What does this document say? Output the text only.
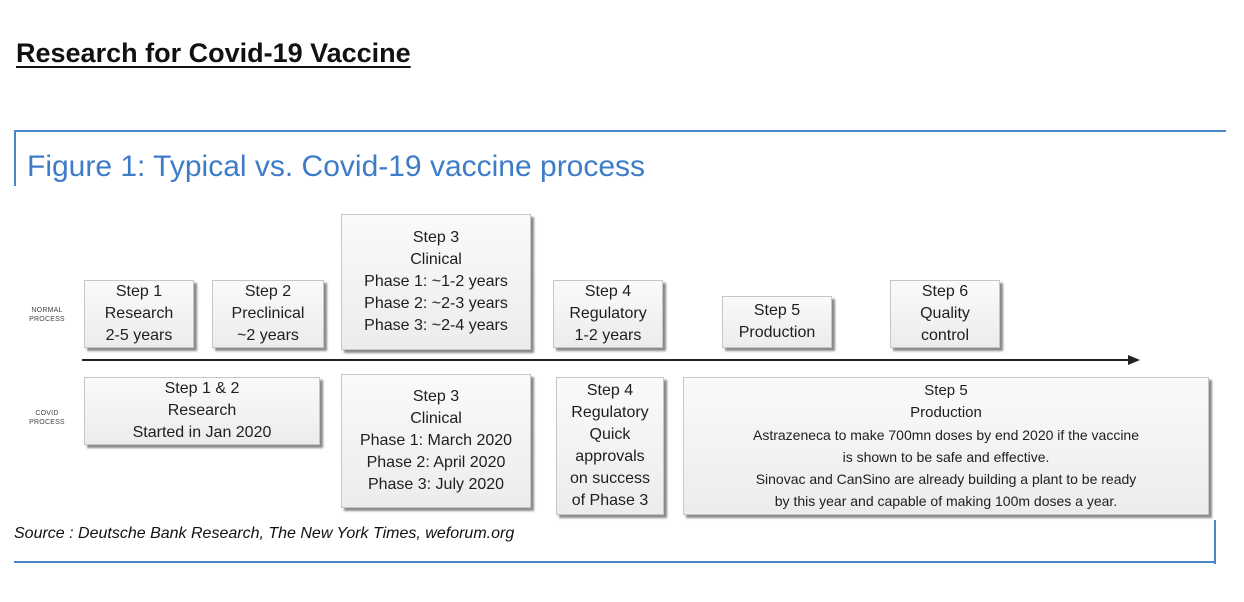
Research for Covid-19 Vaccine
Figure 1: Typical vs. Covid-19 vaccine process
NORMAL
PROCESS
COVID
PROCESS
Step 1
Research
2-5 years
Step 2
Preclinical
~2 years
Step 3
Clinical
Phase 1: ~1-2 years
Phase 2: ~2-3 years
Phase 3: ~2-4 years
Step 4
Regulatory
1-2 years
Step 5
Production
Step 6
Quality
control
Step 1 & 2
Research
Started in Jan 2020
Step 3
Clinical
Phase 1: March 2020
Phase 2: April 2020
Phase 3: July 2020
Step 4
Regulatory
Quick
approvals
on success
of Phase 3
Step 5
Production
Astrazeneca to make 700mn doses by end 2020 if the vaccine
is shown to be safe and effective.
Sinovac and CanSino are already building a plant to be ready
by this year and capable of making 100m doses a year.
Source : Deutsche Bank Research, The New York Times, weforum.org
